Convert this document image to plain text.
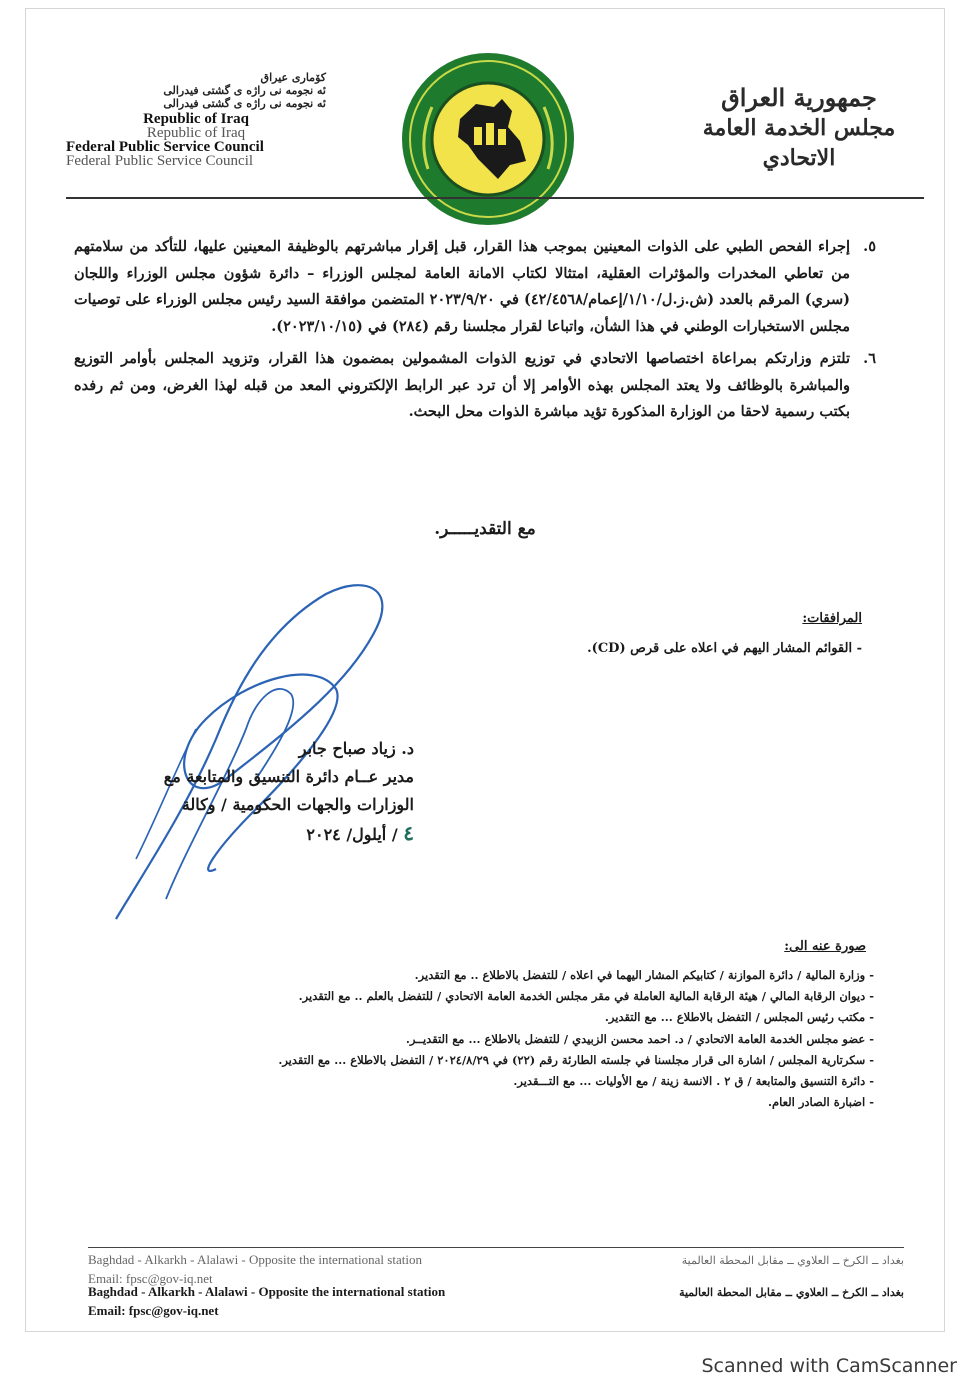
كۆماری عیراق
ئه نجومه نی راژه ی گشتی فیدرالی
ئه نجومه نی راژه ی گشتی فیدرالی
Republic of Iraq
Republic of Iraq
Federal Public Service Council
Federal Public Service Council
جمهورية العراق
مجلس الخدمة العامة الاتحادي
٥.
إجراء الفحص الطبي على الذوات المعينين بموجب هذا القرار، قبل إقرار مباشرتهم بالوظيفة المعينين عليها، للتأكد من سلامتهم من تعاطي المخدرات والمؤثرات العقلية، امتثالا لكتاب الامانة العامة لمجلس الوزراء – دائرة شؤون مجلس الوزراء واللجان (سري) المرقم بالعدد (ش.ز.ل/١/١٠/إعمام/٤٢/٤٥٦٨) في ٢٠٢٣/٩/٢٠ المتضمن موافقة السيد رئيس مجلس الوزراء على توصيات مجلس الاستخبارات الوطني في هذا الشأن، واتباعا لقرار مجلسنا رقم (٢٨٤) في (٢٠٢٣/١٠/١٥).
٦.
تلتزم وزارتكم بمراعاة اختصاصها الاتحادي في توزيع الذوات المشمولين بمضمون هذا القرار، وتزويد المجلس بأوامر التوزيع والمباشرة بالوظائف ولا يعتد المجلس بهذه الأوامر إلا أن ترد عبر الرابط الإلكتروني المعد من قبله لهذا الغرض، ومن ثم رفده بكتب رسمية لاحقا من الوزارة المذكورة تؤيد مباشرة الذوات محل البحث.
مع التقديـــــر.
المرافقات:
- القوائم المشار اليهم في اعلاه على قرص (CD).
د. زياد صباح جابر
مدير عــام دائرة التنسيق والمتابعة مع
الوزارات والجهات الحكومية / وكالة
٤ / أيلول/ ٢٠٢٤
صورة عنه الى:
- وزارة المالية / دائرة الموازنة / كتابيكم المشار اليهما في اعلاه / للتفضل بالاطلاع .. مع التقدير.
- ديوان الرقابة المالي / هيئة الرقابة المالية العاملة في مقر مجلس الخدمة العامة الاتحادي / للتفضل بالعلم .. مع التقدير.
- مكتب رئيس المجلس / التفضل بالاطلاع ... مع التقدير.
- عضو مجلس الخدمة العامة الاتحادي / د. احمد محسن الزبيدي / للتفضل بالاطلاع ... مع التقديــر.
- سكرتارية المجلس / اشارة الى قرار مجلسنا في جلسته الطارئة رقم (٢٢) في ٢٠٢٤/٨/٢٩ / التفضل بالاطلاع ... مع التقدير.
- دائرة التنسيق والمتابعة / ق ٢ . الانسة زينة / مع الأوليات ... مع التـــقدير.
- اضبارة الصادر العام.
Baghdad - Alkarkh - Alalawi - Opposite the international station	بغداد ــ الكرخ ــ العلاوي ــ مقابل المحطة العالمية
Email: fpsc@gov-iq.net
Baghdad - Alkarkh - Alalawi - Opposite the international station	بغداد ــ الكرخ ــ العلاوي ــ مقابل المحطة العالمية
Email: fpsc@gov-iq.net
Scanned with CamScanner
